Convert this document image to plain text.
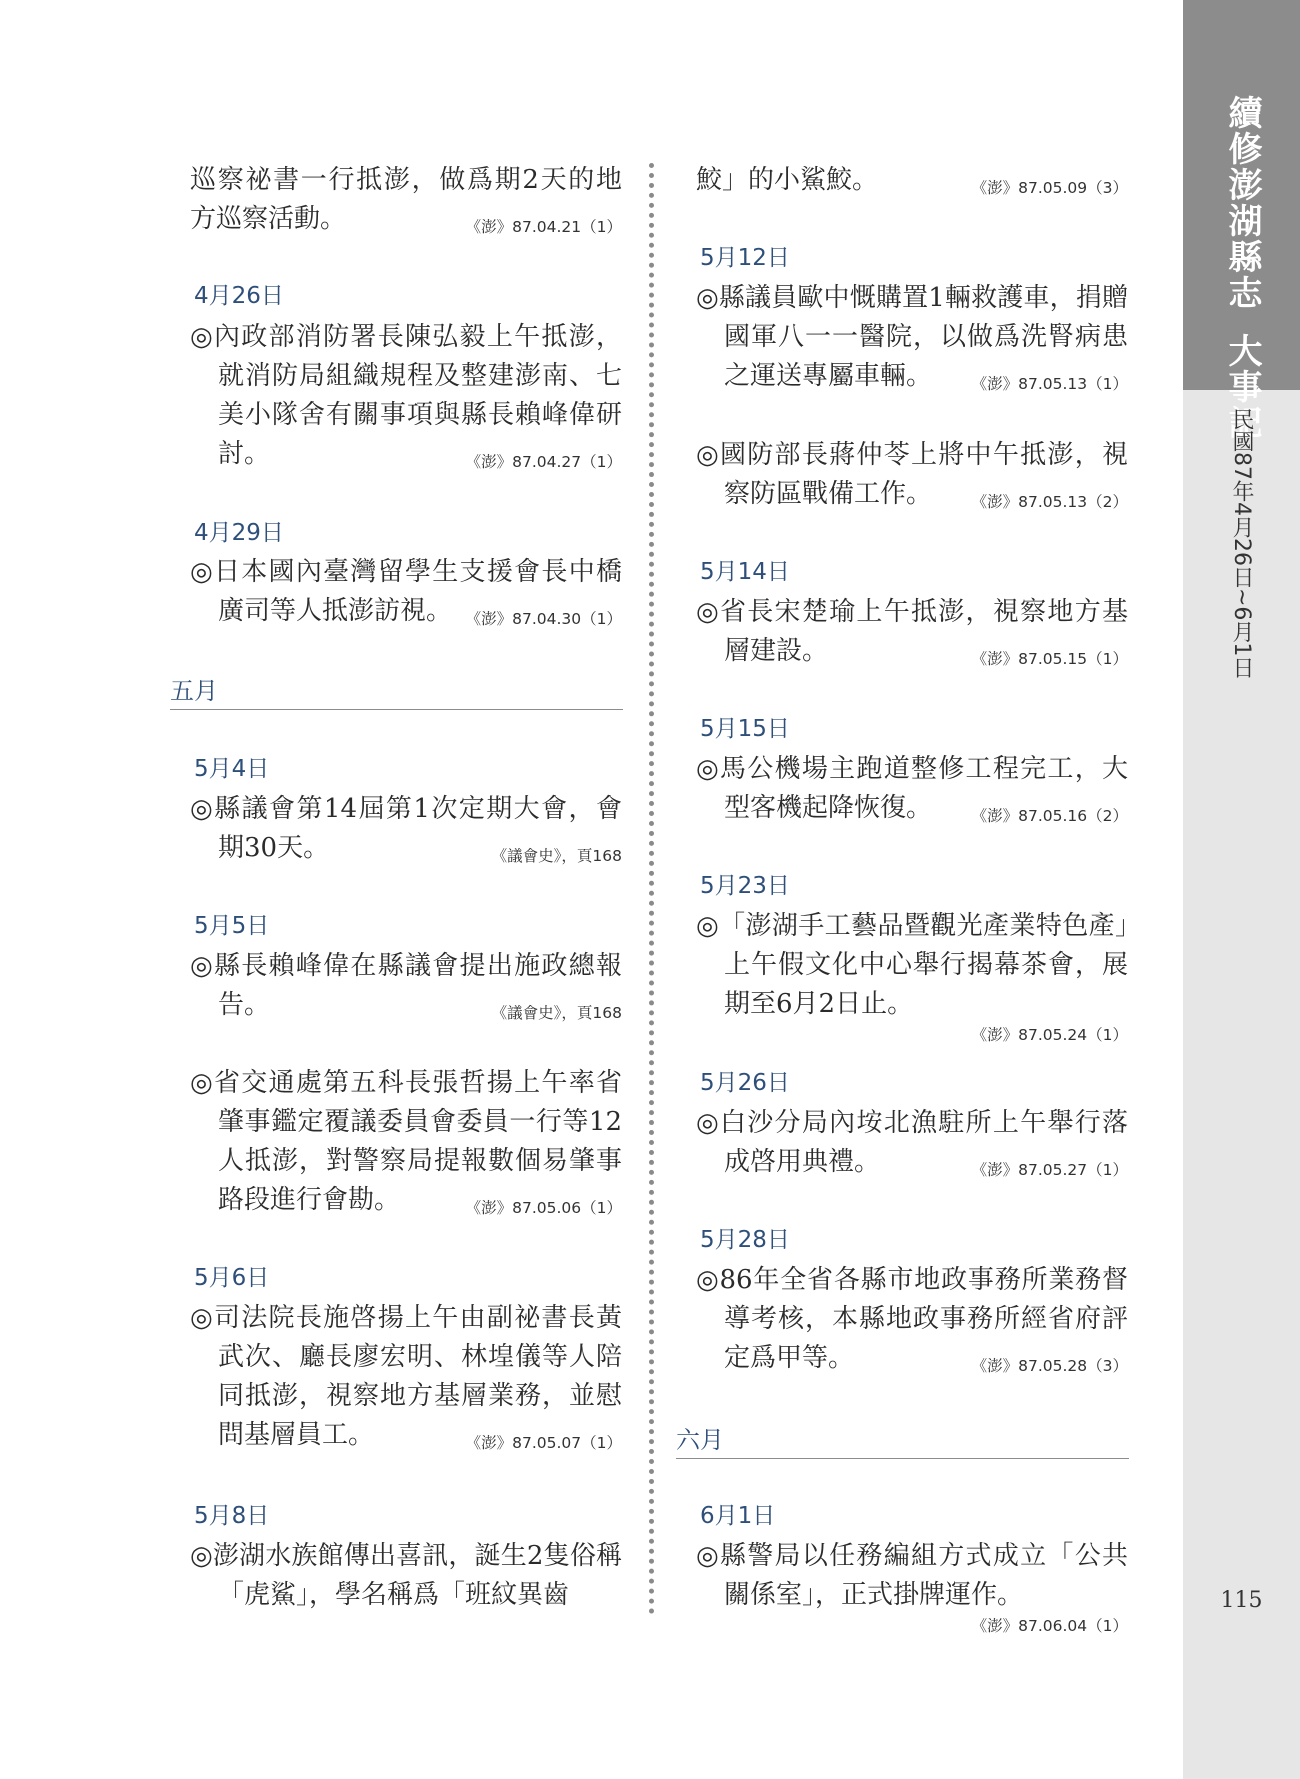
續修澎湖縣志大事記
民國87年4月26日~6月1日
115
巡察祕書一行抵澎，做爲期2天的地方巡察活動。	《澎》87.04.21（1）
4月26日
◎內政部消防署長陳弘毅上午抵澎，就消防局組織規程及整建澎南、七美小隊舍有關事項與縣長賴峰偉研討。	《澎》87.04.27（1）
4月29日
◎日本國內臺灣留學生支援會長中橋廣司等人抵澎訪視。 《澎》87.04.30（1）
五月
5月4日
◎縣議會第14屆第1次定期大會，會期30天。	《議會史》，頁168
5月5日
◎縣長賴峰偉在縣議會提出施政總報告。	《議會史》，頁168
◎省交通處第五科長張哲揚上午率省肇事鑑定覆議委員會委員一行等12人抵澎，對警察局提報數個易肇事路段進行會勘。	《澎》87.05.06（1）
5月6日
◎司法院長施啓揚上午由副祕書長黃武次、廳長廖宏明、林堭儀等人陪同抵澎，視察地方基層業務，並慰問基層員工。	《澎》87.05.07（1）
5月8日
◎澎湖水族館傳出喜訊，誕生2隻俗稱「虎鯊」，學名稱爲「班紋異齒
鮫」的小鯊鮫。	《澎》87.05.09（3）
5月12日
◎縣議員歐中慨購置1輛救護車，捐贈國軍八一一醫院，以做爲洗腎病患之運送專屬車輛。	《澎》87.05.13（1）
◎國防部長蔣仲苓上將中午抵澎，視察防區戰備工作。	《澎》87.05.13（2）
5月14日
◎省長宋楚瑜上午抵澎，視察地方基層建設。	《澎》87.05.15（1）
5月15日
◎馬公機場主跑道整修工程完工，大型客機起降恢復。	《澎》87.05.16（2）
5月23日
◎「澎湖手工藝品暨觀光產業特色產」上午假文化中心舉行揭幕茶會，展期至6月2日止。
《澎》87.05.24（1）
5月26日
◎白沙分局內垵北漁駐所上午舉行落成啓用典禮。	《澎》87.05.27（1）
5月28日
◎86年全省各縣市地政事務所業務督導考核，本縣地政事務所經省府評定爲甲等。	《澎》87.05.28（3）
六月
6月1日
◎縣警局以任務編組方式成立「公共關係室」，正式掛牌運作。
《澎》87.06.04（1）
